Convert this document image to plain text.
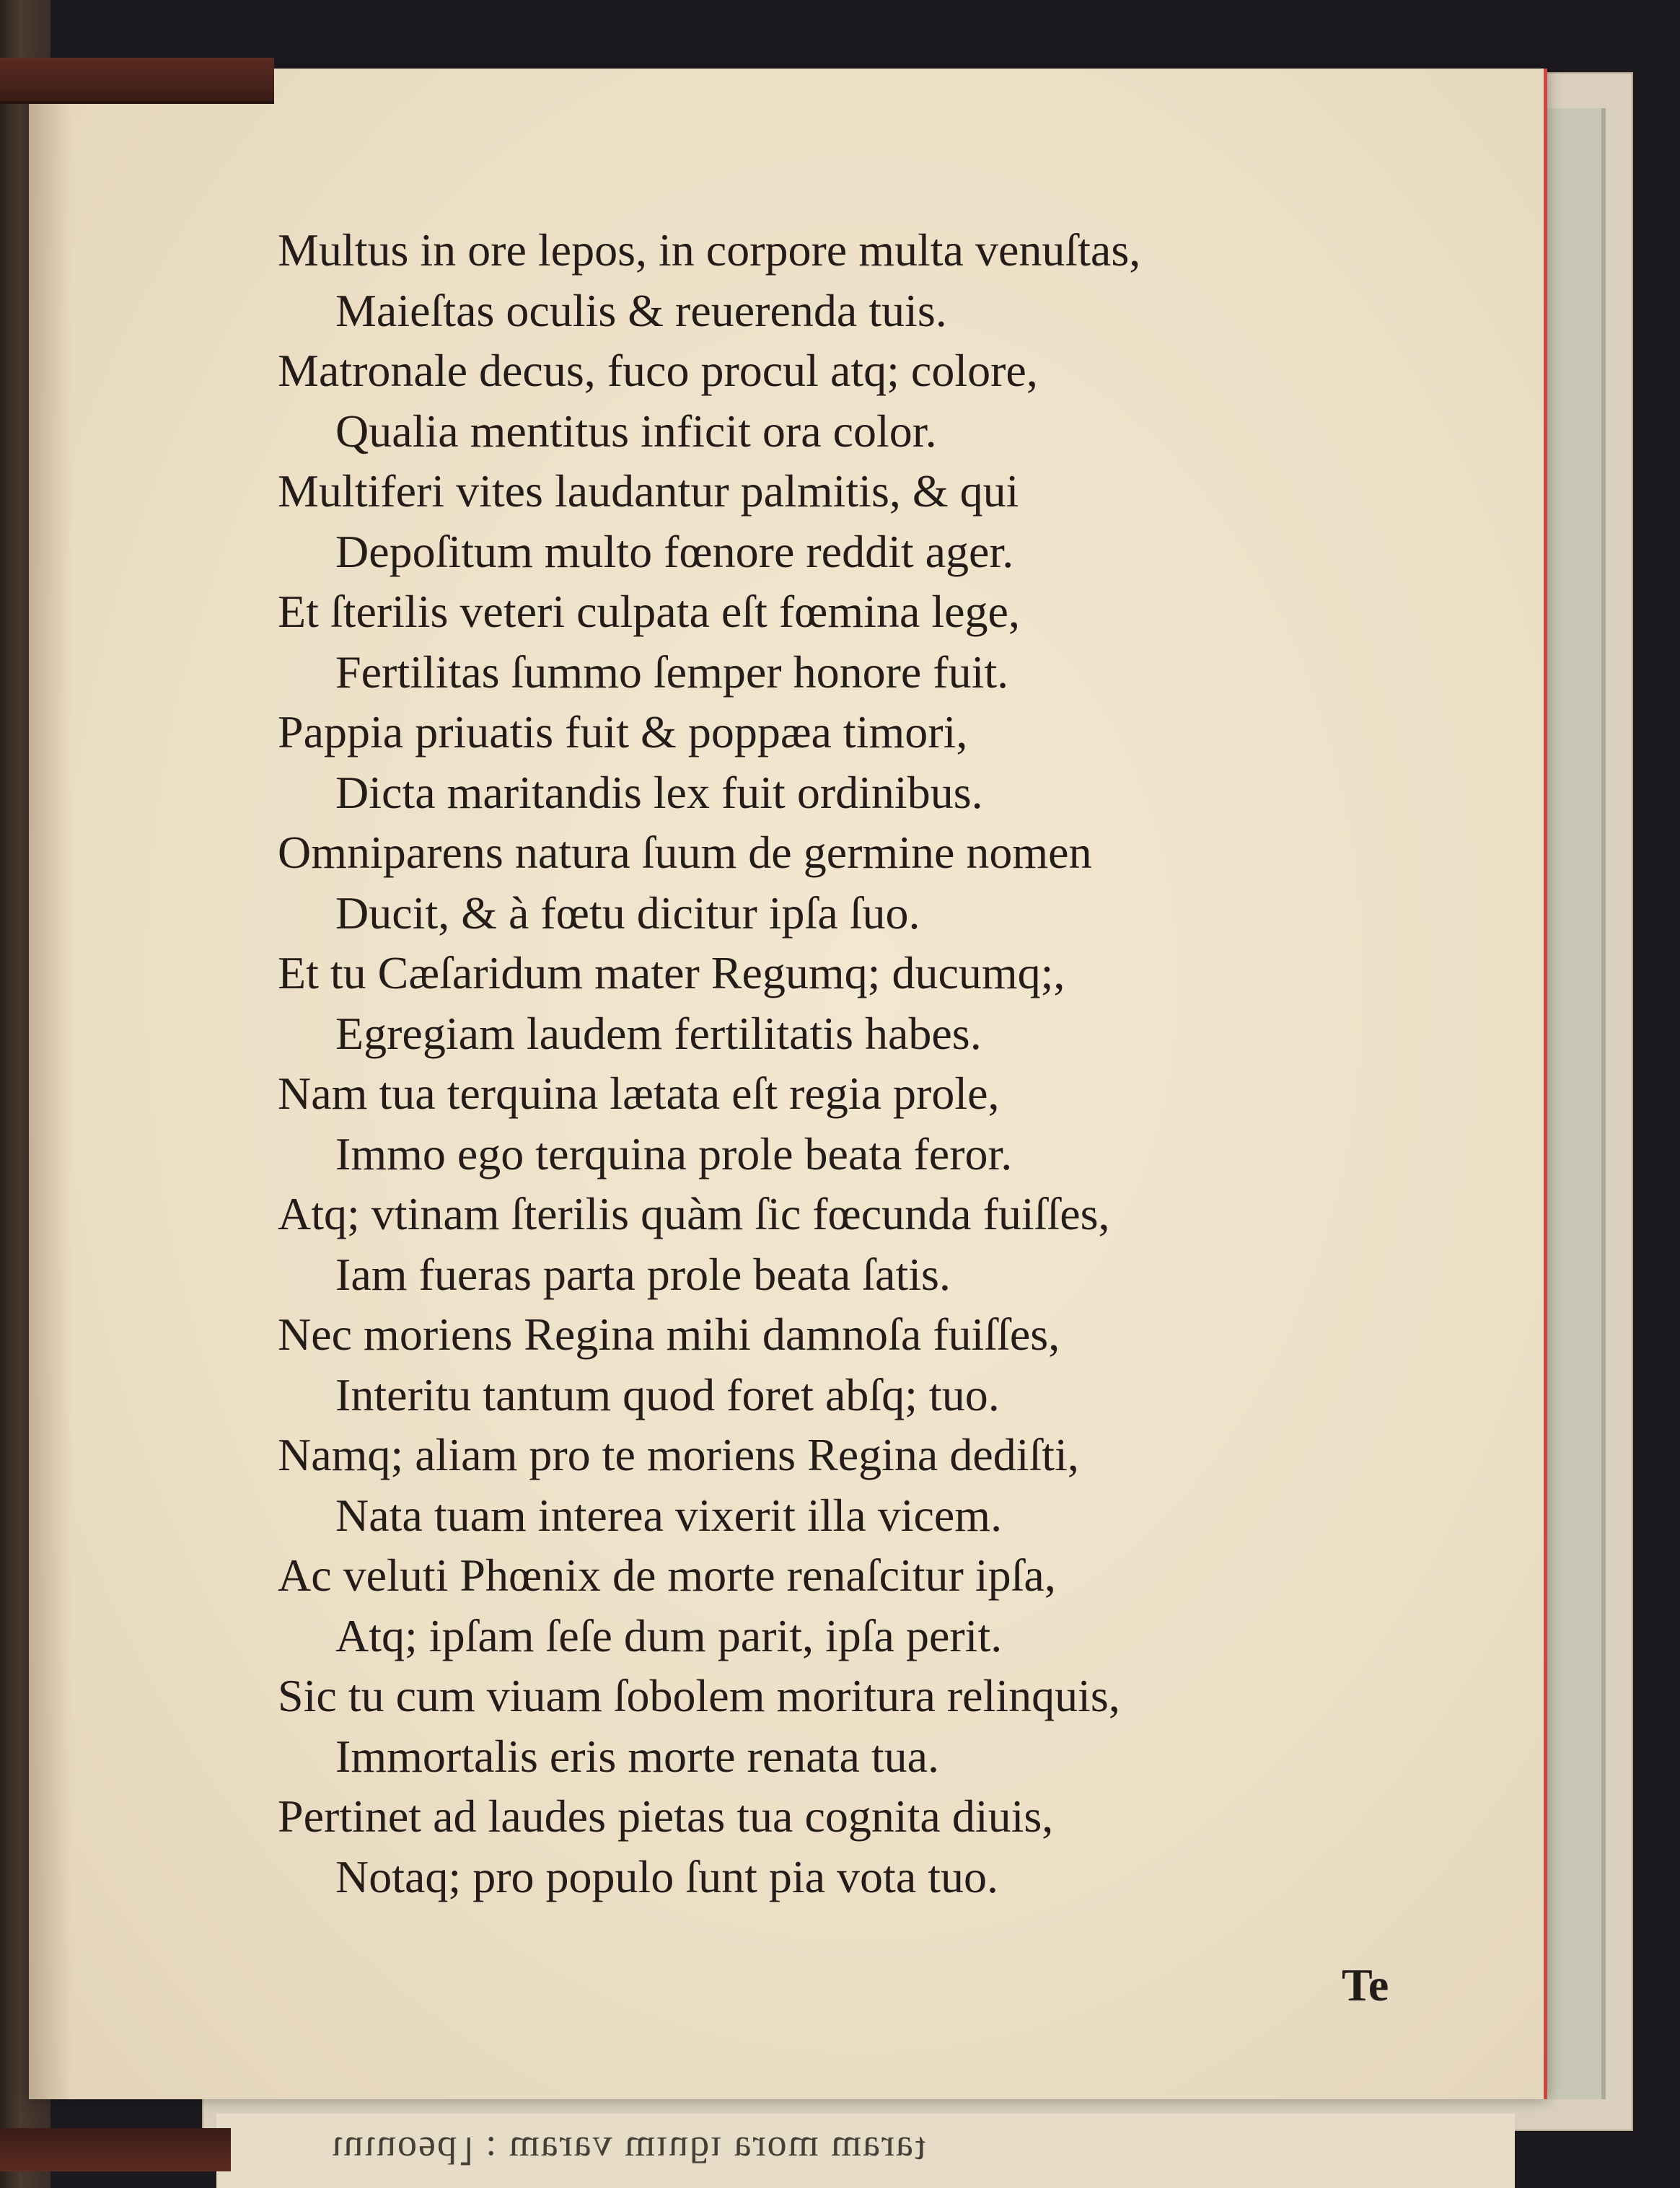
Multus in ore lepos, in corpore multa venuſtas,
Maieſtas oculis & reuerenda tuis.
Matronale decus, fuco procul atq; colore,
Qualia mentitus inficit ora color.
Multiferi vites laudantur palmitis, & qui
Depoſitum multo fœnore reddit ager.
Et ſterilis veteri culpata eſt fœmina lege,
Fertilitas ſummo ſemper honore fuit.
Pappia priuatis fuit & poppæa timori,
Dicta maritandis lex fuit ordinibus.
Omniparens natura ſuum de germine nomen
Ducit, & à fœtu dicitur ipſa ſuo.
Et tu Cæſaridum mater Regumq; ducumq;,
Egregiam laudem fertilitatis habes.
Nam tua terquina lætata eſt regia prole,
Immo ego terquina prole beata feror.
Atq; vtinam ſterilis quàm ſic fœcunda fuiſſes,
Iam fueras parta prole beata ſatis.
Nec moriens Regina mihi damnoſa fuiſſes,
Interitu tantum quod foret abſq; tuo.
Namq; aliam pro te moriens Regina dediſti,
Nata tuam interea vixerit illa vicem.
Ac veluti Phœnix de morte renaſcitur ipſa,
Atq; ipſam ſeſe dum parit, ipſa perit.
Sic tu cum viuam ſobolem moritura relinquis,
Immortalis eris morte renata tua.
Pertinet ad laudes pietas tua cognita diuis,
Notaq; pro populo ſunt pia vota tuo.
Te
ιuιuoɘd˥ : ɯɐɹɐʌ ɯıuƃı ɐɹoɯ ɯɐɹɐʇ
